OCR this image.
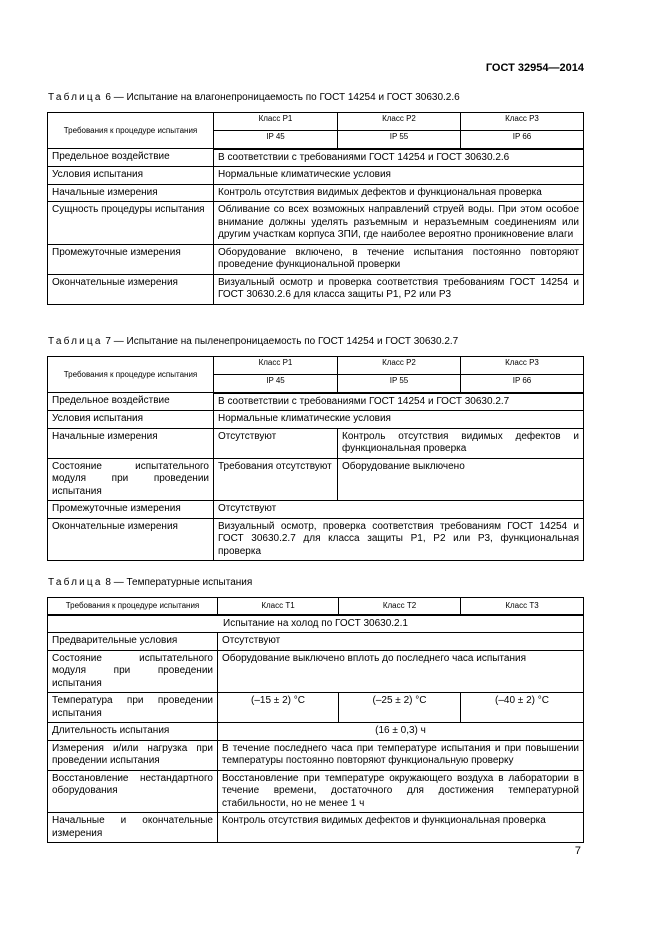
ГОСТ 32954—2014
Таблица 6 — Испытание на влагонепроницаемость по ГОСТ 14254 и ГОСТ 30630.2.6
Требования к процедуре испытания	Класс Р1	Класс Р2	Класс Р3
	IP 45	IP 55	IP 66
Предельное воздействие	В соответствии с требованиями ГОСТ 14254 и ГОСТ 30630.2.6		
Условия испытания	Нормальные климатические условия		
Начальные измерения	Контроль отсутствия видимых дефектов и функциональная проверка		
Сущность процедуры испытания	Обливание со всех возможных направлений струей воды. При этом особое внимание должны уделять разъемным и неразъемным соединениям или другим участкам корпуса ЗПИ, где наиболее вероятно проникновение влаги		
Промежуточные измерения	Оборудование включено, в течение испытания постоянно повторяют проведение функциональной проверки		
Окончательные измерения	Визуальный осмотр и проверка соответствия требованиям ГОСТ 14254 и ГОСТ 30630.2.6 для класса защиты Р1, Р2 или Р3		
Таблица 7 — Испытание на пыленепроницаемость по ГОСТ 14254 и ГОСТ 30630.2.7
Требования к процедуре испытания	Класс Р1	Класс Р2	Класс Р3
	IP 45	IP 55	IP 66
Предельное воздействие	В соответствии с требованиями ГОСТ 14254 и ГОСТ 30630.2.7		
Условия испытания	Нормальные климатические условия		
Начальные измерения	Отсутствуют	Контроль отсутствия видимых дефектов и функциональная проверка	
Состояние испытательного модуля при проведении испытания	Требования отсутствуют	Оборудование выключено	
Промежуточные измерения	Отсутствуют		
Окончательные измерения	Визуальный осмотр, проверка соответствия требованиям ГОСТ 14254 и ГОСТ 30630.2.7 для класса защиты Р1, Р2 или Р3, функциональная проверка		
Таблица 8 — Температурные испытания
Требования к процедуре испытания	Класс Т1	Класс Т2	Класс Т3
Испытание на холод по ГОСТ 30630.2.1			
Предварительные условия	Отсутствуют		
Состояние испытательного модуля при проведении испытания	Оборудование выключено вплоть до последнего часа испытания		
Температура при проведении испытания	(–15 ± 2) °С	(–25 ± 2) °С	(–40 ± 2) °С
Длительность испытания	(16 ± 0,3) ч		
Измерения и/или нагрузка при проведении испытания	В течение последнего часа при температуре испытания и при повышении температуры постоянно повторяют функциональную проверку		
Восстановление нестандартного оборудования	Восстановление при температуре окружающего воздуха в лаборатории в течение времени, достаточного для достижения температурной стабильности, но не менее 1 ч		
Начальные и окончательные измерения	Контроль отсутствия видимых дефектов и функциональная проверка		
7
